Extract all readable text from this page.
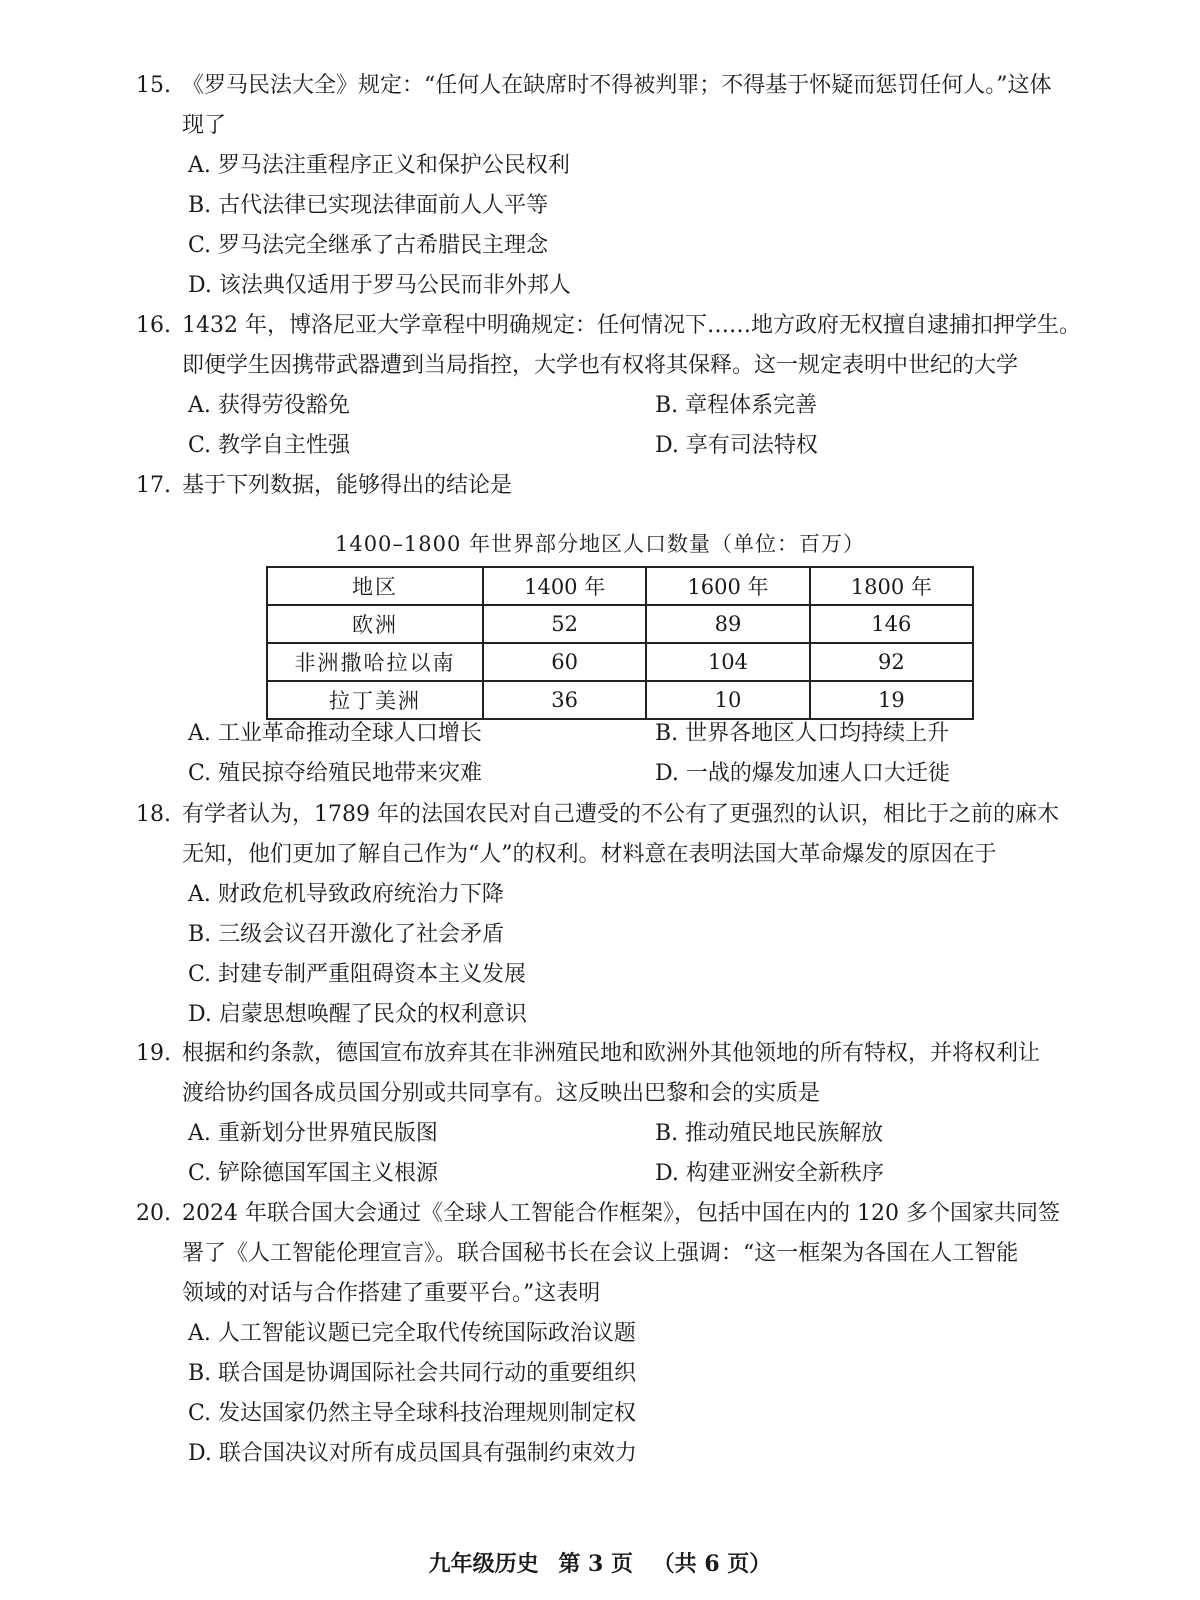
15. 《罗马民法大全》规定：“任何人在缺席时不得被判罪；不得基于怀疑而惩罚任何人。”这体
现了
A. 罗马法注重程序正义和保护公民权利
B. 古代法律已实现法律面前人人平等
C. 罗马法完全继承了古希腊民主理念
D. 该法典仅适用于罗马公民而非外邦人
16. 1432 年，博洛尼亚大学章程中明确规定：任何情况下……地方政府无权擅自逮捕扣押学生。
即便学生因携带武器遭到当局指控，大学也有权将其保释。这一规定表明中世纪的大学
A. 获得劳役豁免	B. 章程体系完善
C. 教学自主性强	D. 享有司法特权
17. 基于下列数据，能够得出的结论是
1400–1800 年世界部分地区人口数量（单位：百万）
地区	1400 年	1600 年	1800 年
欧洲	52	89	146
非洲撒哈拉以南	60	104	92
拉丁美洲	36	10	19
A. 工业革命推动全球人口增长	B. 世界各地区人口均持续上升
C. 殖民掠夺给殖民地带来灾难	D. 一战的爆发加速人口大迁徙
18. 有学者认为，1789 年的法国农民对自己遭受的不公有了更强烈的认识，相比于之前的麻木
无知，他们更加了解自己作为“人”的权利。材料意在表明法国大革命爆发的原因在于
A. 财政危机导致政府统治力下降
B. 三级会议召开激化了社会矛盾
C. 封建专制严重阻碍资本主义发展
D. 启蒙思想唤醒了民众的权利意识
19. 根据和约条款，德国宣布放弃其在非洲殖民地和欧洲外其他领地的所有特权，并将权利让
渡给协约国各成员国分别或共同享有。这反映出巴黎和会的实质是
A. 重新划分世界殖民版图	B. 推动殖民地民族解放
C. 铲除德国军国主义根源	D. 构建亚洲安全新秩序
20. 2024 年联合国大会通过《全球人工智能合作框架》，包括中国在内的 120 多个国家共同签
署了《人工智能伦理宣言》。联合国秘书长在会议上强调：“这一框架为各国在人工智能
领域的对话与合作搭建了重要平台。”这表明
A. 人工智能议题已完全取代传统国际政治议题
B. 联合国是协调国际社会共同行动的重要组织
C. 发达国家仍然主导全球科技治理规则制定权
D. 联合国决议对所有成员国具有强制约束效力
九年级历史 第 3 页 （共 6 页）
